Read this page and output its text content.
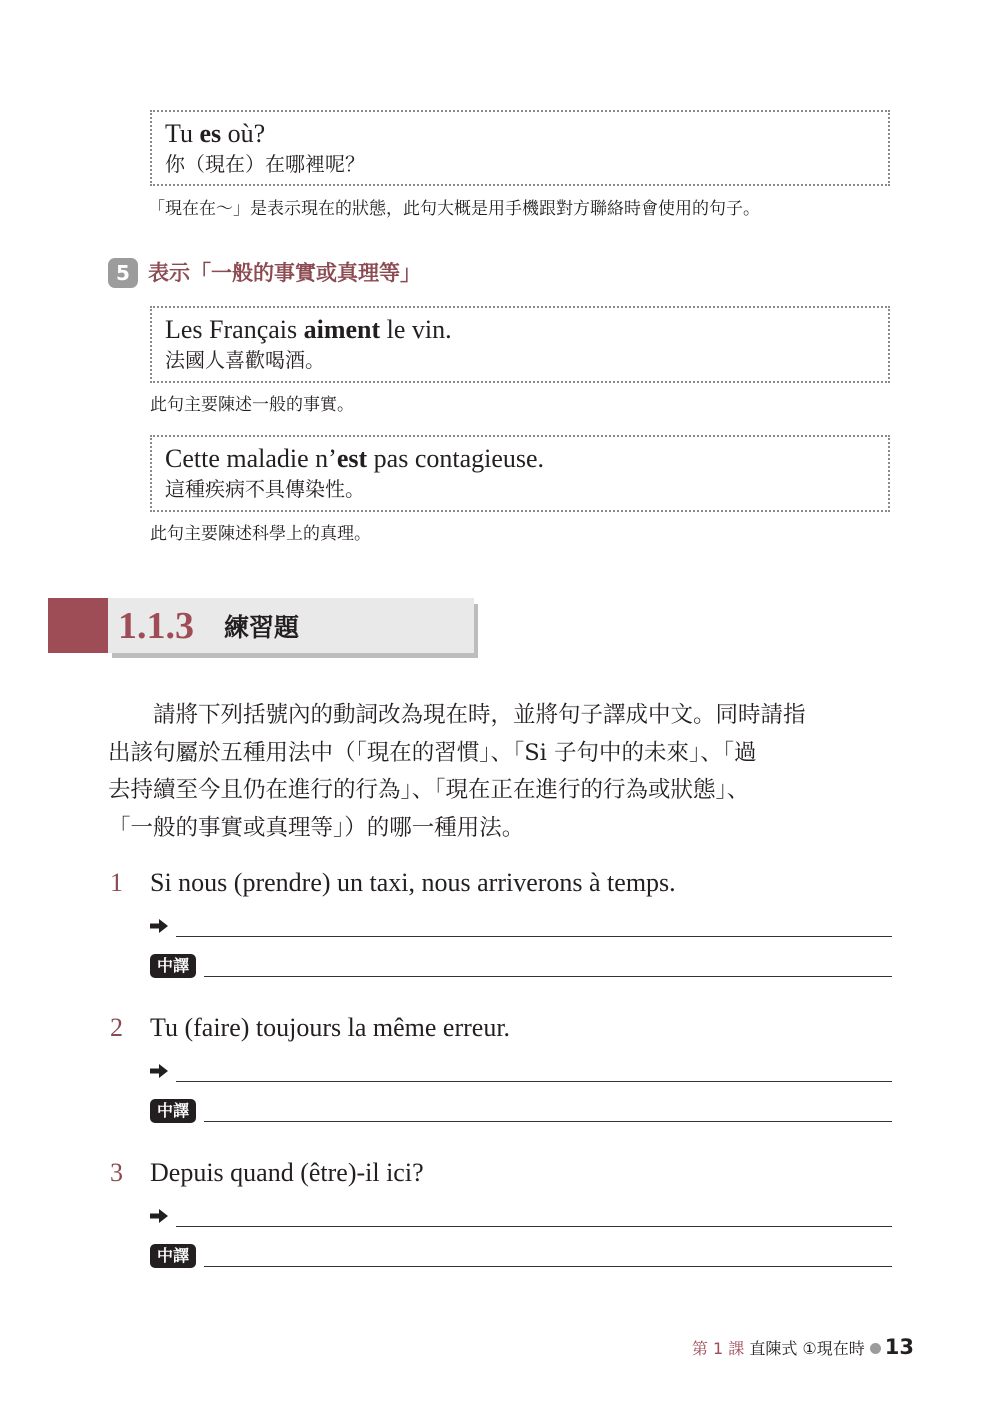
Tu es où?
你（現在）在哪裡呢？
「現在在～」是表示現在的狀態，此句大概是用手機跟對方聯絡時會使用的句子。
5 表示「一般的事實或真理等」
Les Français aiment le vin.
法國人喜歡喝酒。
此句主要陳述一般的事實。
Cette maladie n’est pas contagieuse.
這種疾病不具傳染性。
此句主要陳述科學上的真理。
1.1.3 練習題
　　請將下列括號內的動詞改為現在時，並將句子譯成中文。同時請指
出該句屬於五種用法中（「現在的習慣」、「Si 子句中的未來」、「過
去持續至今且仍在進行的行為」、「現在正在進行的行為或狀態」、
「一般的事實或真理等」）的哪一種用法。
1 Si nous (prendre) un taxi, nous arriverons à temps.
中譯
2 Tu (faire) toujours la même erreur.
中譯
3 Depuis quand (être)-il ici?
中譯
第 1 課 直陳式 ①現在時 13
